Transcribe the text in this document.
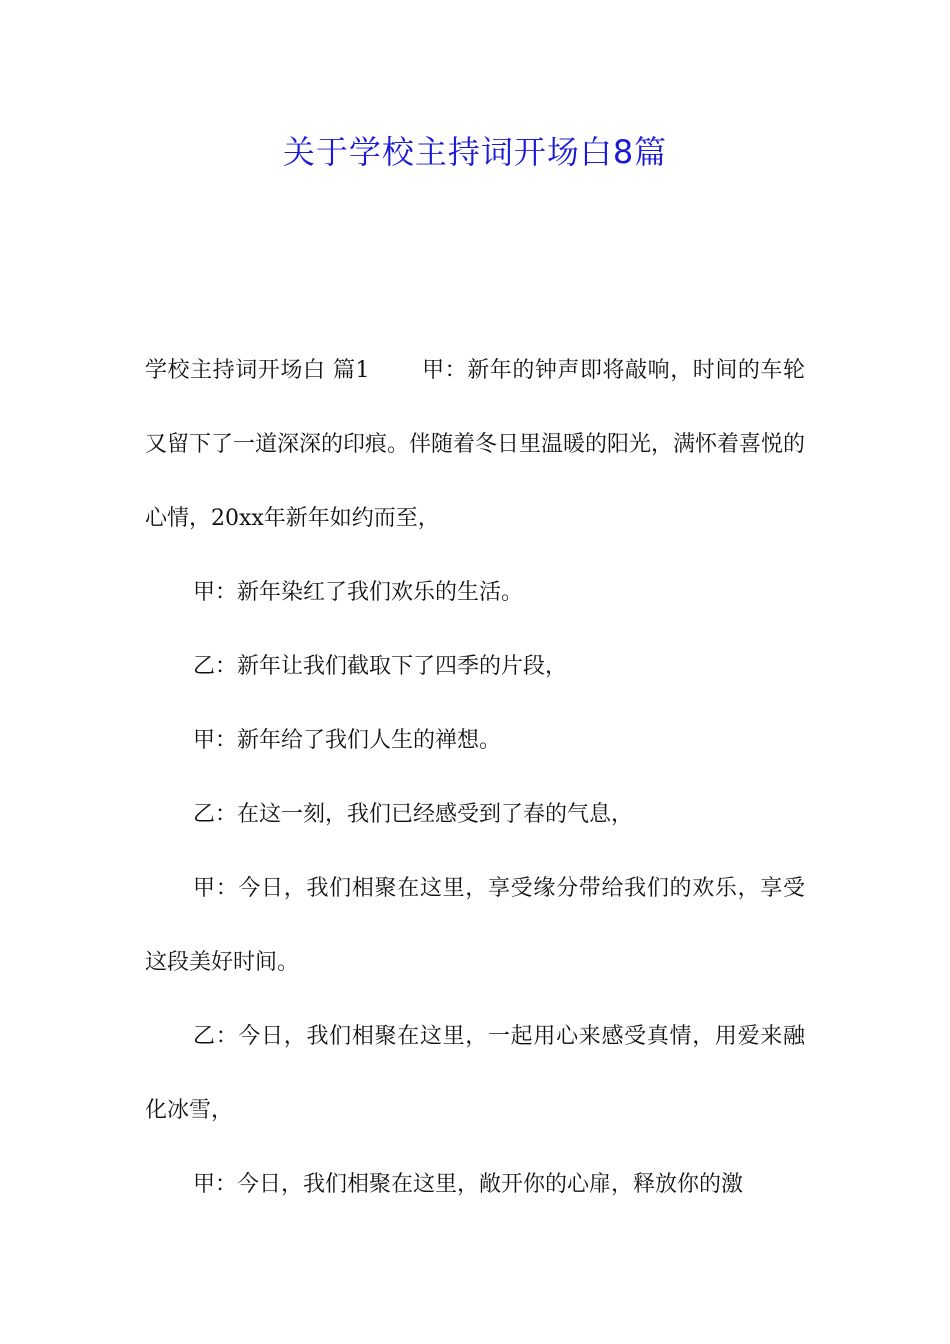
关于学校主持词开场白8篇

学校主持词开场白 篇1 甲：新年的钟声即将敲响，时间的车轮又留下了一道深深的印痕。伴随着冬日里温暖的阳光，满怀着喜悦的心情，20xx年新年如约而至，

甲：新年染红了我们欢乐的生活。

乙：新年让我们截取下了四季的片段，

甲：新年给了我们人生的禅想。

乙：在这一刻，我们已经感受到了春的气息，

甲：今日，我们相聚在这里，享受缘分带给我们的欢乐，享受这段美好时间。

乙：今日，我们相聚在这里，一起用心来感受真情，用爱来融化冰雪，

甲：今日，我们相聚在这里，敞开你的心扉，释放你的激
